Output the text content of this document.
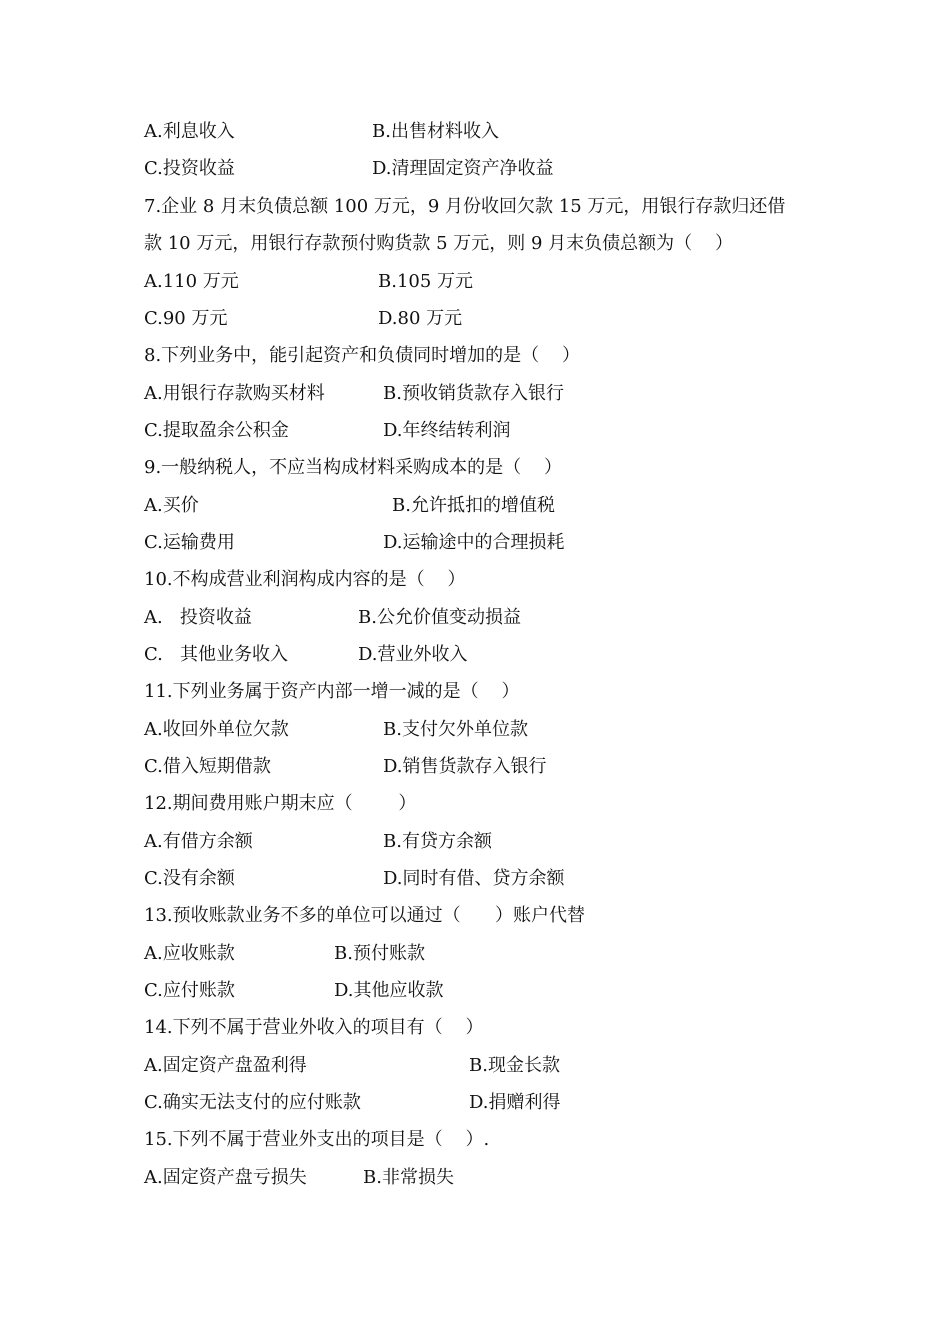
A.利息收入	B.出售材料收入
C.投资收益	D.清理固定资产净收益
7.企业 8 月末负债总额 100 万元，9 月份收回欠款 15 万元，用银行存款归还借
款 10 万元，用银行存款预付购货款 5 万元，则 9 月末负债总额为（    ）
A.110 万元	B.105 万元
C.90 万元	D.80 万元
8.下列业务中，能引起资产和负债同时增加的是（    ）
A.用银行存款购买材料	B.预收销货款存入银行
C.提取盈余公积金	D.年终结转利润
9.一般纳税人，不应当构成材料采购成本的是（    ）
A.买价	B.允许抵扣的增值税
C.运输费用	D.运输途中的合理损耗
10.不构成营业利润构成内容的是（    ）
A.   投资收益	B.公允价值变动损益
C.   其他业务收入	D.营业外收入
11.下列业务属于资产内部一增一减的是（    ）
A.收回外单位欠款	B.支付欠外单位款
C.借入短期借款	D.销售货款存入银行
12.期间费用账户期末应（        ）
A.有借方余额	B.有贷方余额
C.没有余额	D.同时有借、贷方余额
13.预收账款业务不多的单位可以通过（      ）账户代替
A.应收账款	B.预付账款
C.应付账款	D.其他应收款
14.下列不属于营业外收入的项目有（    ）
A.固定资产盘盈利得	B.现金长款
C.确实无法支付的应付账款	D.捐赠利得
15.下列不属于营业外支出的项目是（    ）.
A.固定资产盘亏损失	B.非常损失
